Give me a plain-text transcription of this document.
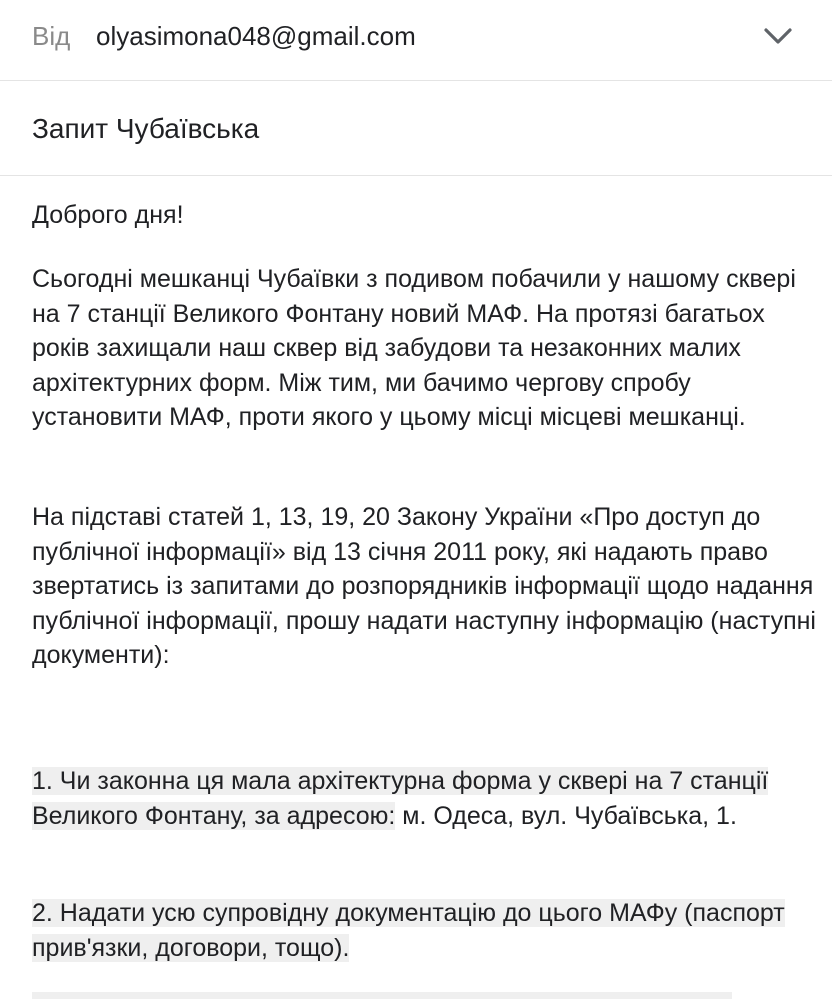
Від olyasimona048@gmail.com
Запит Чубаївська

Доброго дня!

Сьогодні мешканці Чубаївки з подивом побачили у нашому скверi на 7 станції Великого Фонтану новий МАФ. На протязі багатьох років захищали наш сквер від забудови та незаконних малих архітектурних форм. Між тим, ми бачимо чергову спробу установити МАФ, проти якого у цьому місці місцеві мешканці.

На підставі статей 1, 13, 19, 20 Закону України «Про доступ до публічної інформації» від 13 січня 2011 року, які надають право звертатись із запитами до розпорядників інформації щодо надання публічної інформації, прошу надати наступну інформацію (наступні документи):

1. Чи законна ця мала архітектурна форма у сквері на 7 станції Великого Фонтану, за адресою: м. Одеса, вул. Чубаївська, 1.

2. Надати усю супровідну документацію до цього МАФу (паспорт прив'язки, договори, тощо).
